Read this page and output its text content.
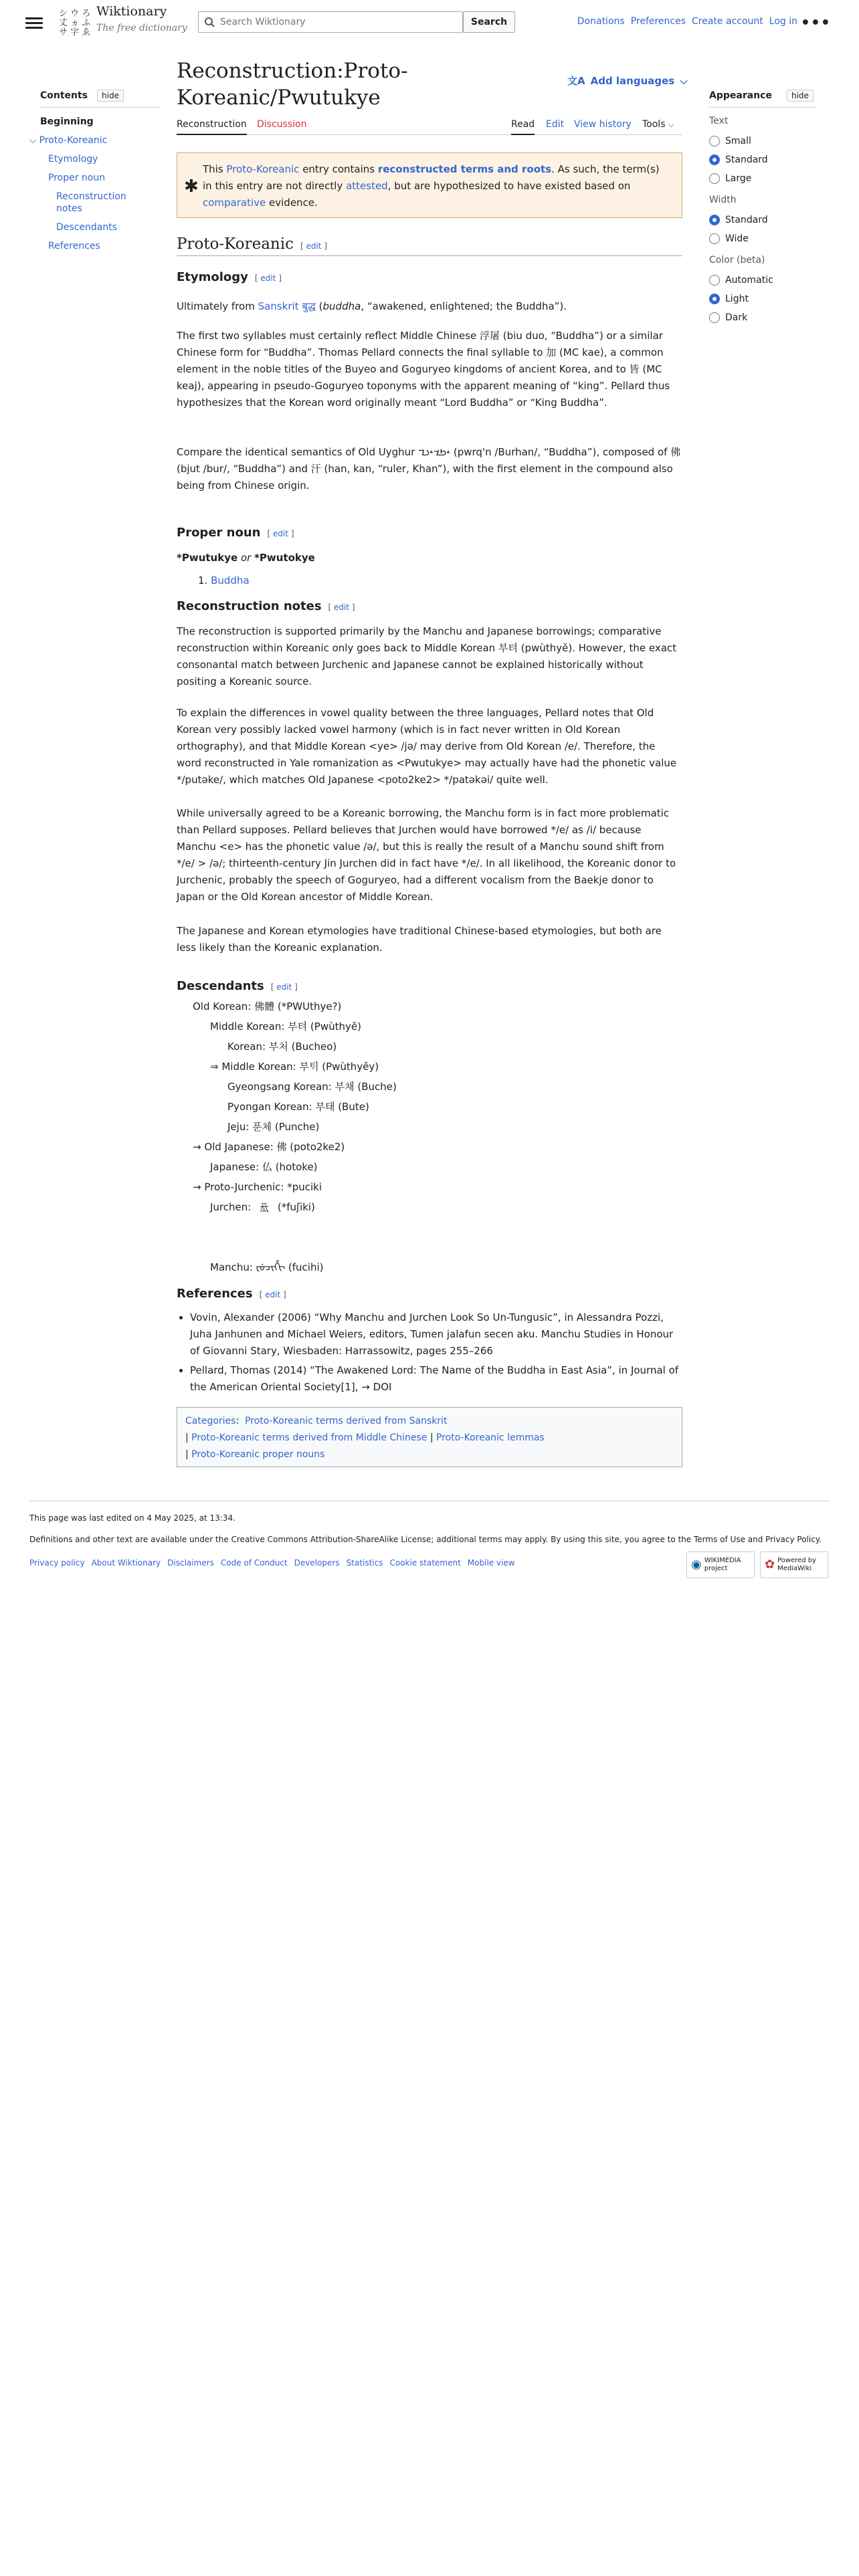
シ ウ ろ
丈 ヵ ふ
サ 字 ゑ
Wiktionary
The free dictionary
Search Wiktionary
Search	Donations Preferences Create account Log in •••
Contents	hide
Beginning
⌵ Proto-Koreanic
Etymology
Proper noun
Reconstruction notes
Descendants
References
Reconstruction:Proto-Koreanic/Pwutukye
文A Add languages ⌵
Reconstruction Discussion	Read Edit View history Tools ⌵
✱
This Proto-Koreanic entry contains reconstructed terms and roots. As such, the term(s) in this entry are not directly attested, but are hypothesized to have existed based on comparative evidence.
Proto-Koreanic [ edit ]
Etymology [ edit ]
Ultimately from Sanskrit बुद्ध (buddha, “awakened, enlightened; the Buddha”).
The first two syllables must certainly reflect Middle Chinese 浮屠 (biu duo, “Buddha”) or a similar Chinese form for “Buddha”. Thomas Pellard connects the final syllable to 加 (MC kae), a common element in the noble titles of the Buyeo and Goguryeo kingdoms of ancient Korea, and to 皆 (MC keaj), appearing in pseudo-Goguryeo toponyms with the apparent meaning of “king”. Pellard thus hypothesizes that the Korean word originally meant “Lord Buddha” or “King Buddha”.
Compare the identical semantics of Old Uyghur 𐾱𐾿𐾴𐾱𐾲𐾳 (pwrq'n /Burhan/, “Buddha”), composed of 佛 (bjut /bur/, “Buddha”) and 汗 (han, kan, “ruler, Khan”), with the first element in the compound also being from Chinese origin.
Proper noun [ edit ]
*Pwutukye or *Pwutokye
1. Buddha
Reconstruction notes [ edit ]
The reconstruction is supported primarily by the Manchu and Japanese borrowings; comparative reconstruction within Koreanic only goes back to Middle Korean 부텨 (pwùthyě). However, the exact consonantal match between Jurchenic and Japanese cannot be explained historically without positing a Koreanic source.
To explain the differences in vowel quality between the three languages, Pellard notes that Old Korean very possibly lacked vowel harmony (which is in fact never written in Old Korean orthography), and that Middle Korean <ye> /jə/ may derive from Old Korean /e/. Therefore, the word reconstructed in Yale romanization as <Pwutukye> may actually have had the phonetic value */putəke/, which matches Old Japanese <poto2ke2> */patəkəi/ quite well.
While universally agreed to be a Koreanic borrowing, the Manchu form is in fact more problematic than Pellard supposes. Pellard believes that Jurchen would have borrowed */e/ as /i/ because Manchu <e> has the phonetic value /ə/, but this is really the result of a Manchu sound shift from */e/ > /ə/; thirteenth-century Jin Jurchen did in fact have */e/. In all likelihood, the Koreanic donor to Jurchenic, probably the speech of Goguryeo, had a different vocalism from the Baekje donor to Japan or the Old Korean ancestor of Middle Korean.
The Japanese and Korean etymologies have traditional Chinese-based etymologies, but both are less likely than the Koreanic explanation.
Descendants [ edit ]
Old Korean: 佛體 (*PWUthye?)
Middle Korean: 부텨 (Pwùthyě)
Korean: 부처 (Bucheo)
⇒ Middle Korean: 부ᄐᆡ (Pwùthyěy)
Gyeongsang Korean: 부채 (Buche)
Pyongan Korean: 부태 (Bute)
Jeju: 푼체 (Punche)
→ Old Japanese: 佛 (poto2ke2)
Japanese: 仏 (hotoke)
→ Proto-Jurchenic: *puciki
Jurchen: 𘬬 (*fuʃiki)
Manchu: ᡶᡠᠴᡳᡥᡳ (fucihi)
References [ edit ]
• Vovin, Alexander (2006) “Why Manchu and Jurchen Look So Un-Tungusic”, in Alessandra Pozzi, Juha Janhunen and Michael Weiers, editors, Tumen jalafun secen aku. Manchu Studies in Honour of Giovanni Stary, Wiesbaden: Harrassowitz, pages 255–266
• Pellard, Thomas (2014) “The Awakened Lord: The Name of the Buddha in East Asia”, in Journal of the American Oriental Society[1], → DOI
Categories:  Proto-Koreanic terms derived from Sanskrit
| Proto-Koreanic terms derived from Middle Chinese | Proto-Koreanic lemmas
| Proto-Koreanic proper nouns
Appearance	hide
Text
Small
Standard
Large
Width
Standard
Wide
Color (beta)
Automatic
Light
Dark
This page was last edited on 4 May 2025, at 13:34.
Definitions and other text are available under the Creative Commons Attribution-ShareAlike License; additional terms may apply. By using this site, you agree to the Terms of Use and Privacy Policy.
Privacy policy About Wiktionary Disclaimers Code of Conduct Developers Statistics Cookie statement Mobile view	◉ WIKIMEDIA project	✿ Powered by MediaWiki
